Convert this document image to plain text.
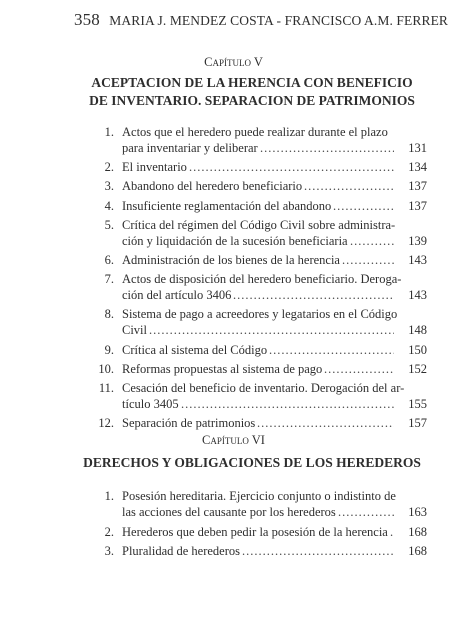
358 MARIA J. MENDEZ COSTA - FRANCISCO A.M. FERRER
Capítulo V
ACEPTACION DE LA HERENCIA CON BENEFICIO
DE INVENTARIO. SEPARACION DE PATRIMONIOS
1. Actos que el heredero puede realizar durante el plazo
para inventariar y deliberar .....	131
2. El inventario .....	134
3. Abandono del heredero beneficiario .....	137
4. Insuficiente reglamentación del abandono .....	137
5. Crítica del régimen del Código Civil sobre administra-
ción y liquidación de la sucesión beneficiaria .....	139
6. Administración de los bienes de la herencia .....	143
7. Actos de disposición del heredero beneficiario. Deroga-
ción del artículo 3406 .....	143
8. Sistema de pago a acreedores y legatarios en el Código
Civil .....	148
9. Crítica al sistema del Código .....	150
10. Reformas propuestas al sistema de pago .....	152
11. Cesación del beneficio de inventario. Derogación del ar-
tículo 3405 .....	155
12. Separación de patrimonios .....	157
Capítulo VI
DERECHOS Y OBLIGACIONES DE LOS HEREDEROS
1. Posesión hereditaria. Ejercicio conjunto o indistinto de
las acciones del causante por los herederos .....	163
2. Herederos que deben pedir la posesión de la herencia .....	168
3. Pluralidad de herederos .....	168
